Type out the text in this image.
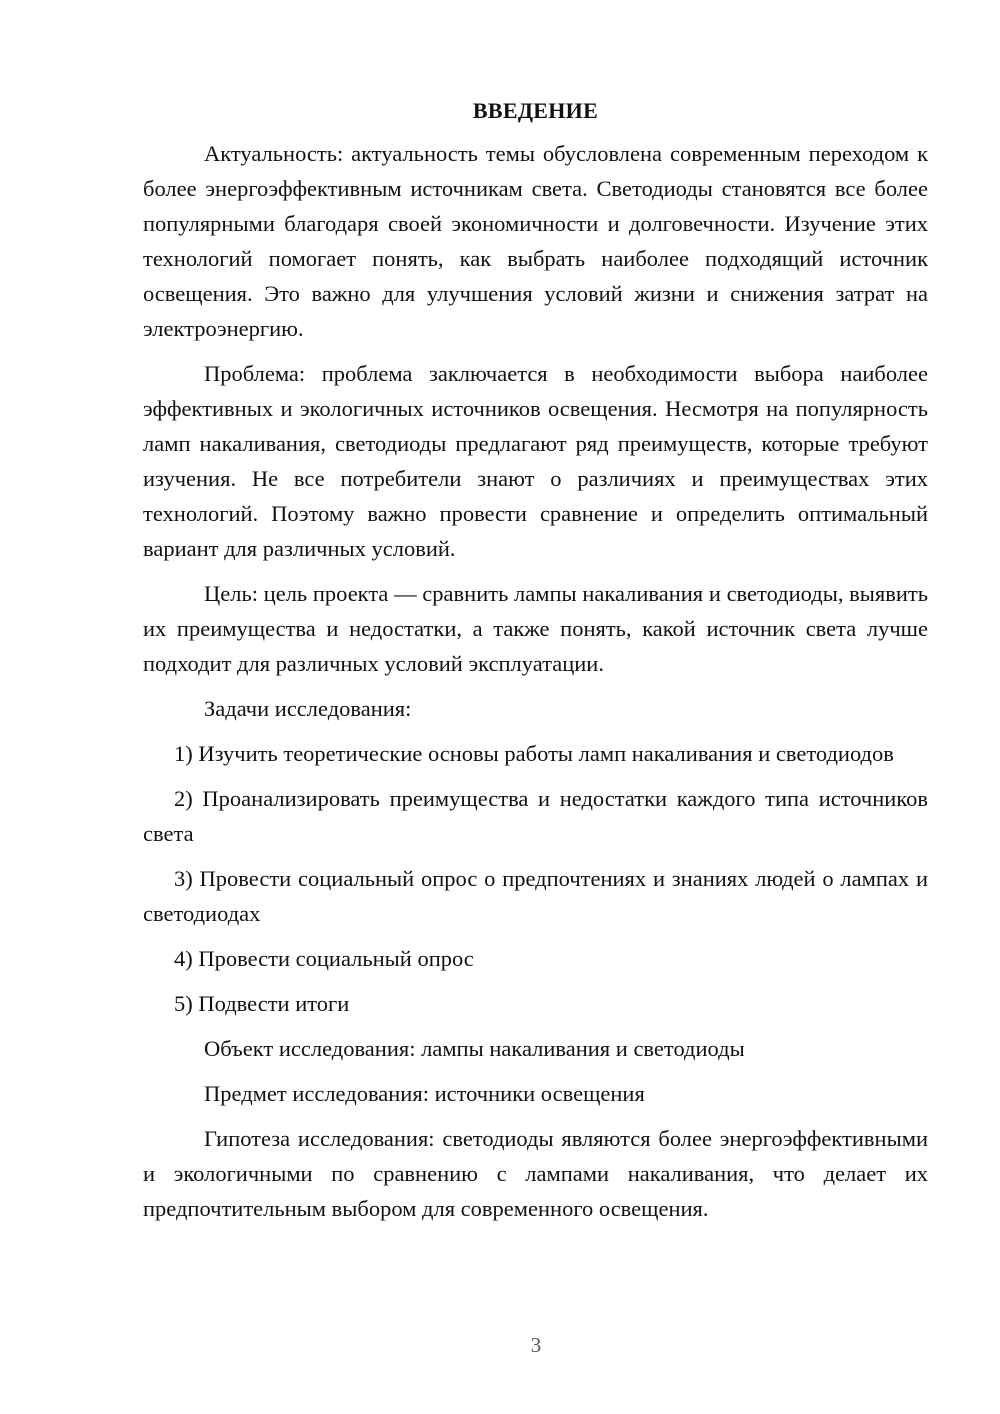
ВВЕДЕНИЕ

Актуальность: актуальность темы обусловлена современным переходом к более энергоэффективным источникам света. Светодиоды становятся все более популярными благодаря своей экономичности и долговечности. Изучение этих технологий помогает понять, как выбрать наиболее подходящий источник освещения. Это важно для улучшения условий жизни и снижения затрат на электроэнергию.

Проблема: проблема заключается в необходимости выбора наиболее эффективных и экологичных источников освещения. Несмотря на популярность ламп накаливания, светодиоды предлагают ряд преимуществ, которые требуют изучения. Не все потребители знают о различиях и преимуществах этих технологий. Поэтому важно провести сравнение и определить оптимальный вариант для различных условий.

Цель: цель проекта — сравнить лампы накаливания и светодиоды, выявить их преимущества и недостатки, а также понять, какой источник света лучше подходит для различных условий эксплуатации.

Задачи исследования:

1) Изучить теоретические основы работы ламп накаливания и светодиодов

2) Проанализировать преимущества и недостатки каждого типа источников света

3) Провести социальный опрос о предпочтениях и знаниях людей о лампах и светодиодах

4) Провести социальный опрос

5) Подвести итоги

Объект исследования: лампы накаливания и светодиоды

Предмет исследования: источники освещения

Гипотеза исследования: светодиоды являются более энергоэффективными и экологичными по сравнению с лампами накаливания, что делает их предпочтительным выбором для современного освещения.

3
